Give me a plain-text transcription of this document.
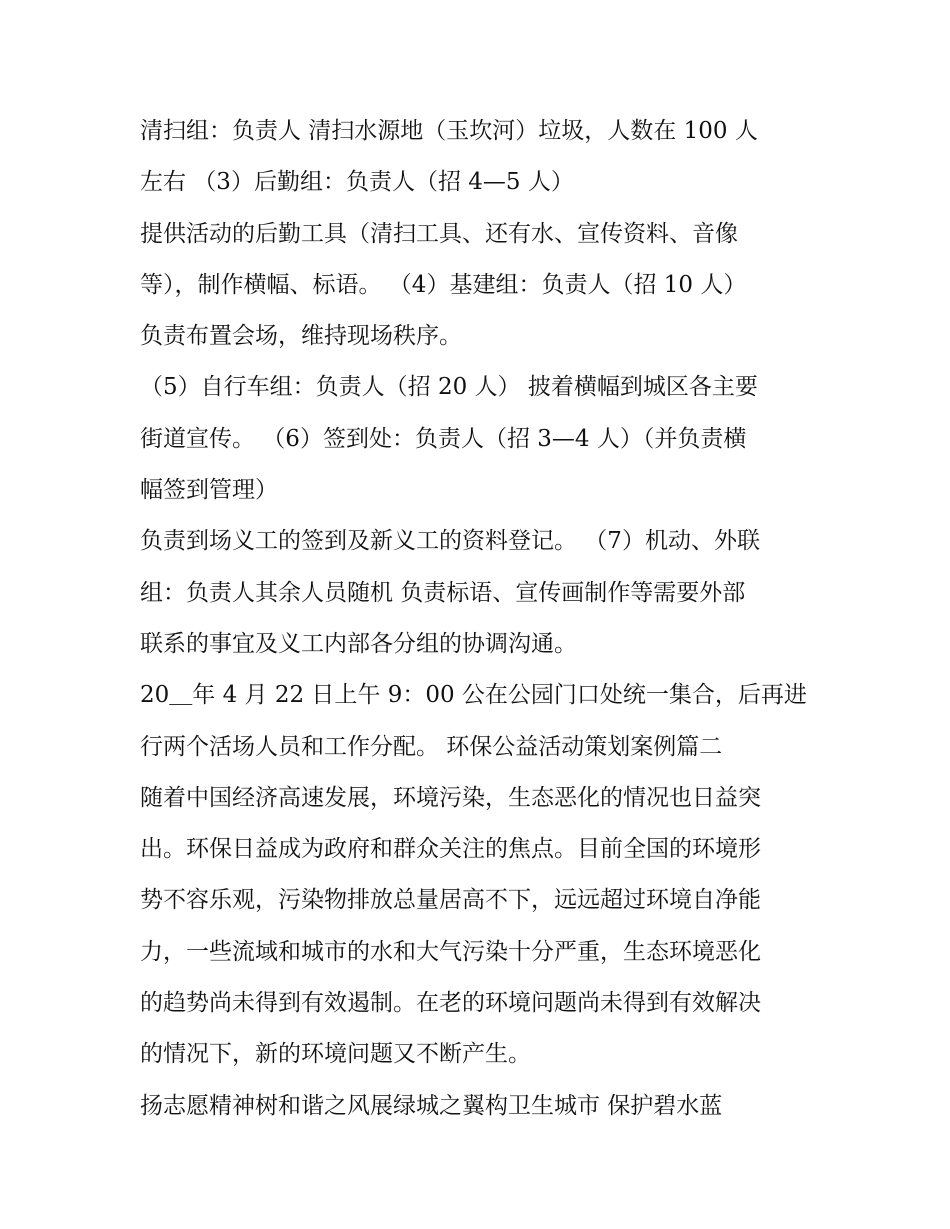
清扫组：负责人 清扫水源地（玉坎河）垃圾，人数在 100 人
左右 （3）后勤组：负责人（招 4—5 人）
提供活动的后勤工具（清扫工具、还有水、宣传资料、音像
等），制作横幅、标语。 （4）基建组：负责人（招 10 人）
负责布置会场，维持现场秩序。
（5）自行车组：负责人（招 20 人） 披着横幅到城区各主要
街道宣传。 （6）签到处：负责人（招 3—4 人）（并负责横
幅签到管理）
负责到场义工的签到及新义工的资料登记。 （7）机动、外联
组：负责人其余人员随机 负责标语、宣传画制作等需要外部
联系的事宜及义工内部各分组的协调沟通。
20＿年 4 月 22 日上午 9：00 公在公园门口处统一集合，后再进
行两个活场人员和工作分配。 环保公益活动策划案例篇二
随着中国经济高速发展，环境污染，生态恶化的情况也日益突
出。环保日益成为政府和群众关注的焦点。目前全国的环境形
势不容乐观，污染物排放总量居高不下，远远超过环境自净能
力，一些流域和城市的水和大气污染十分严重，生态环境恶化
的趋势尚未得到有效遏制。在老的环境问题尚未得到有效解决
的情况下，新的环境问题又不断产生。
扬志愿精神树和谐之风展绿城之翼构卫生城市 保护碧水蓝
